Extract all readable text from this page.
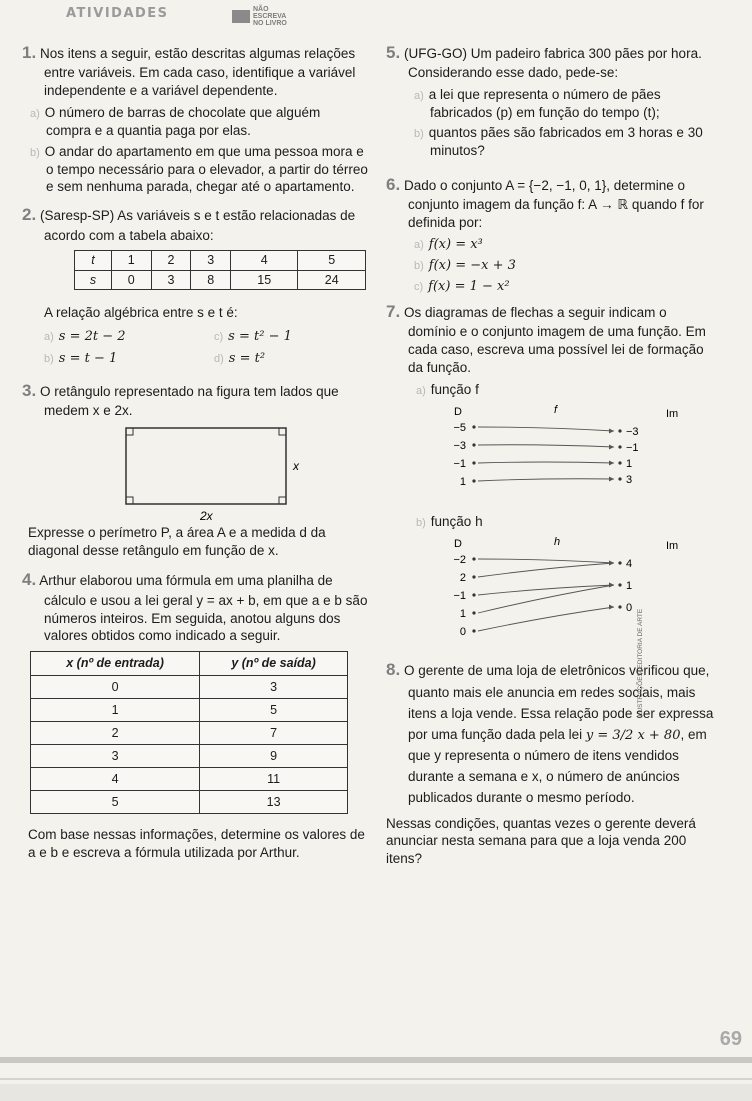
ATIVIDADES	NÃO ESCREVA NO LIVRO
1. Nos itens a seguir, estão descritas algumas relações entre variáveis. Em cada caso, identifique a variável independente e a variável dependente.

a) O número de barras de chocolate que alguém compra e a quantia paga por elas.

b) O andar do apartamento em que uma pessoa mora e o tempo necessário para o elevador, a partir do térreo e sem nenhuma parada, chegar até o apartamento.

2. (Saresp-SP) As variáveis s e t estão relacionadas de acordo com a tabela abaixo:
t	1	2	3	4	5
s	0	3	8	15	24

A relação algébrica entre s e t é:

a) s = 2t − 2	c) s = t² − 1
b) s = t − 1	d) s = t²
3. O retângulo representado na figura tem lados que medem x e 2x.
x
2x

Expresse o perímetro P, a área A e a medida d da diagonal desse retângulo em função de x.

4. Arthur elaborou uma fórmula em uma planilha de cálculo e usou a lei geral y = ax + b, em que a e b são números inteiros. Em seguida, anotou alguns dos valores obtidos como indicado a seguir.
x (nº de entrada)	y (nº de saída)
0	3
1	5
2	7
3	9
4	11
5	13

Com base nessas informações, determine os valores de a e b e escreva a fórmula utilizada por Arthur.

5. (UFG-GO) Um padeiro fabrica 300 pães por hora. Considerando esse dado, pede-se:

a) a lei que representa o número de pães fabricados (p) em função do tempo (t);

b) quantos pães são fabricados em 3 horas e 30 minutos?

6. Dado o conjunto A = {−2, −1, 0, 1}, determine o conjunto imagem da função f: A → ℝ quando f for definida por:

a) f(x) = x³

b) f(x) = −x + 3

c) f(x) = 1 − x²

7. Os diagramas de flechas a seguir indicam o domínio e o conjunto imagem de uma função. Em cada caso, escreva uma possível lei de formação da função.

a) função f

D	f	Im
−5
−3
−1
1
−3
−1
1
3

b) função h

D	h	Im
−2
2
−1
1
0
4
1
0
8. O gerente de uma loja de eletrônicos verificou que, quanto mais ele anuncia em redes sociais, mais itens a loja vende. Essa relação pode ser expressa por uma função dada pela lei y = 3/2 x + 80, em que y representa o número de itens vendidos durante a semana e x, o número de anúncios publicados durante o mesmo período.

Nessas condições, quantas vezes o gerente deverá anunciar nesta semana para que a loja venda 200 itens?

ILUSTRAÇÕES: EDITORIA DE ARTE
69
